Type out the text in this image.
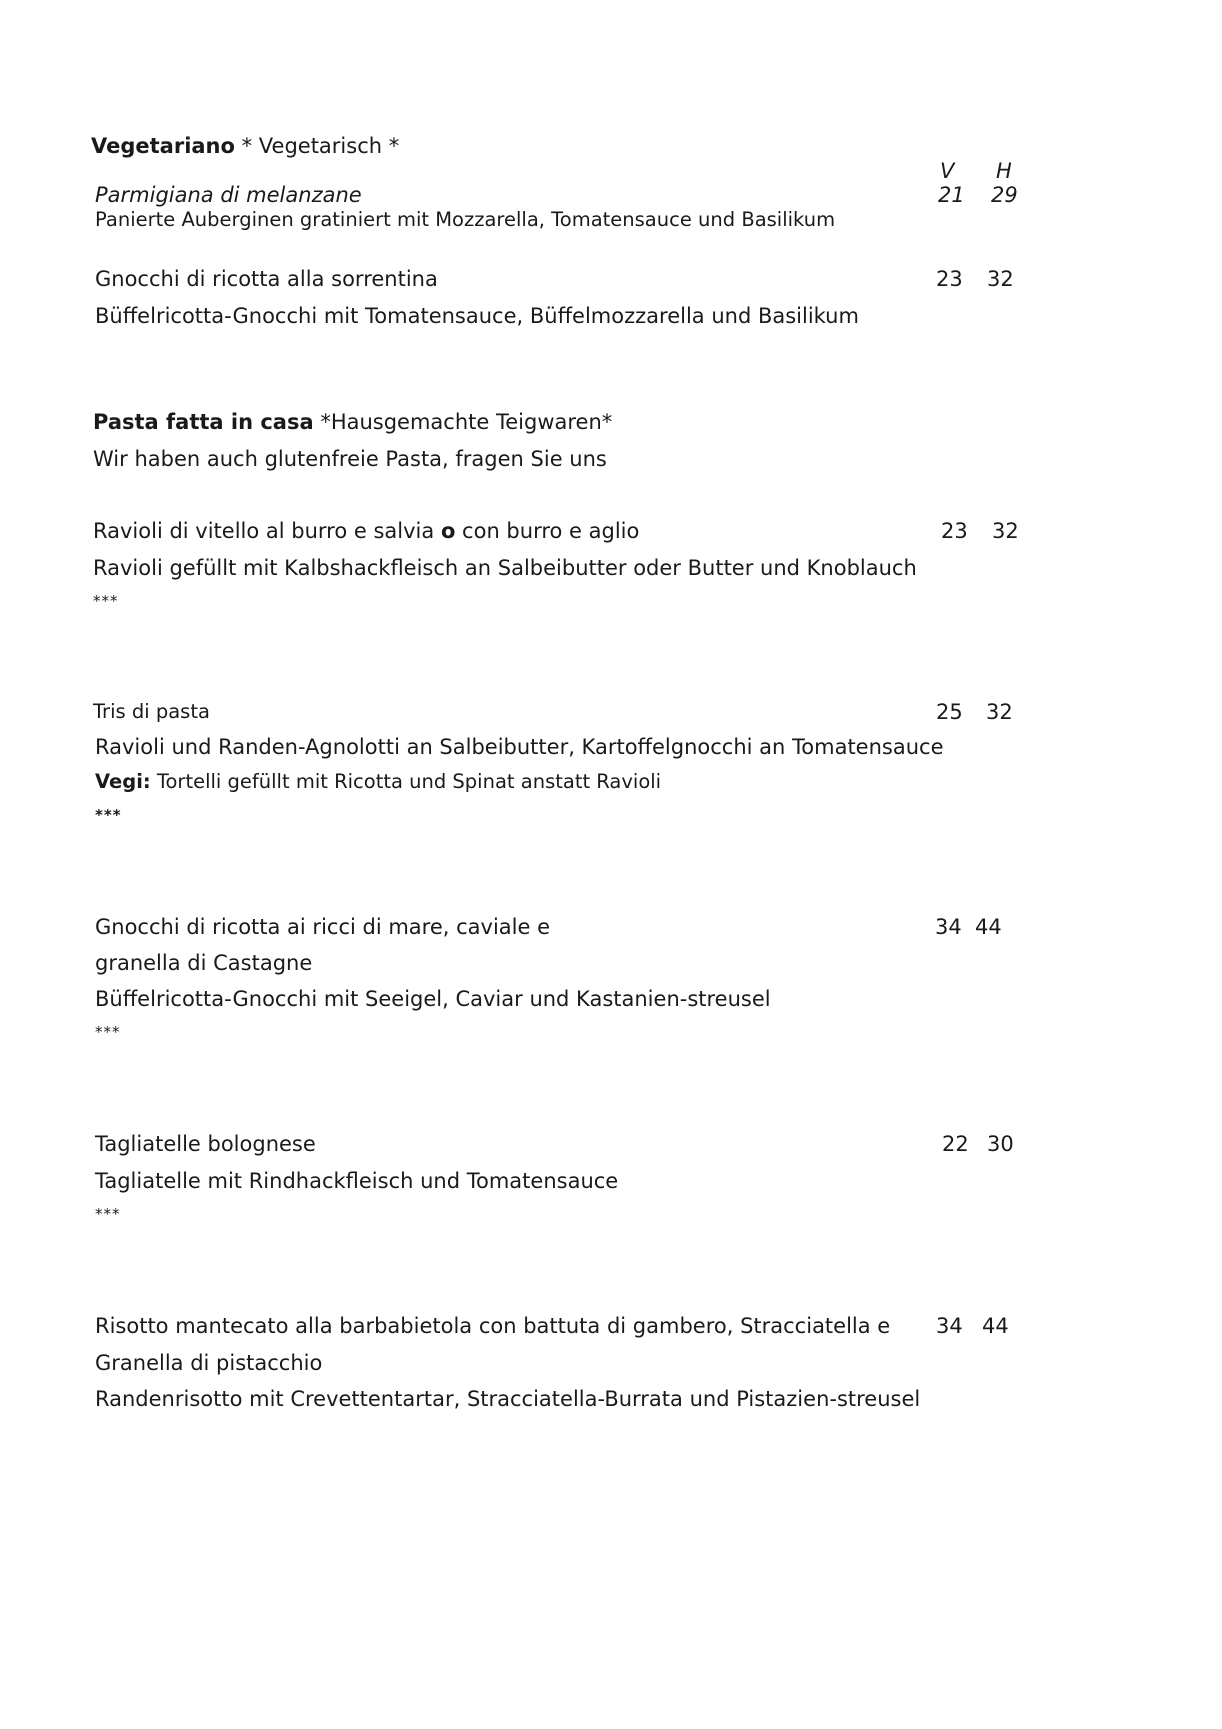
Vegetariano * Vegetarisch *
V H
Parmigiana di melanzane	21 29
Panierte Auberginen gratiniert mit Mozzarella, Tomatensauce und Basilikum
Gnocchi di ricotta alla sorrentina	23 32
Büffelricotta-Gnocchi mit Tomatensauce, Büffelmozzarella und Basilikum
Pasta fatta in casa *Hausgemachte Teigwaren*
Wir haben auch glutenfreie Pasta, fragen Sie uns
Ravioli di vitello al burro e salvia o con burro e aglio	23 32
Ravioli gefüllt mit Kalbshackfleisch an Salbeibutter oder Butter und Knoblauch
***
Tris di pasta	25 32
Ravioli und Randen-Agnolotti an Salbeibutter, Kartoffelgnocchi an Tomatensauce
Vegi: Tortelli gefüllt mit Ricotta und Spinat anstatt Ravioli
***
Gnocchi di ricotta ai ricci di mare, caviale e	34 44
granella di Castagne
Büffelricotta-Gnocchi mit Seeigel, Caviar und Kastanien-streusel
***
Tagliatelle bolognese	22 30
Tagliatelle mit Rindhackfleisch und Tomatensauce
***
Risotto mantecato alla barbabietola con battuta di gambero, Stracciatella e 34 44
Granella di pistacchio
Randenrisotto mit Crevettentartar, Stracciatella-Burrata und Pistazien-streusel
